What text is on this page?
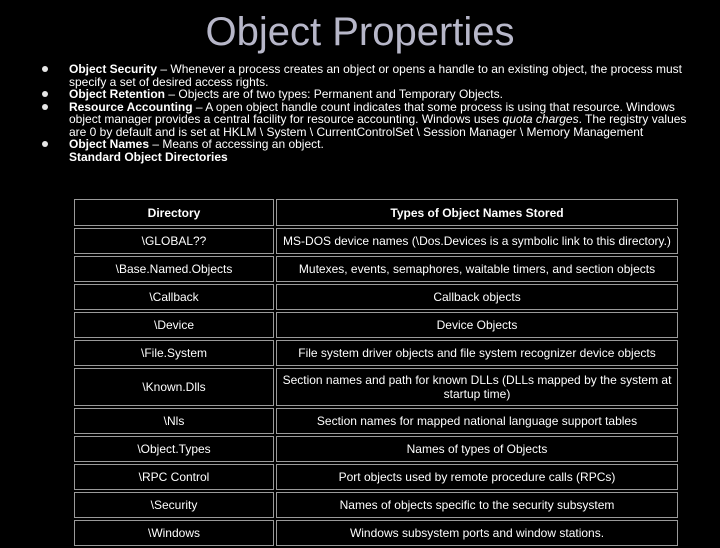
Object Properties
Object Security – Whenever a process creates an object or opens a handle to an existing object, the process must specify a set of desired access rights.
Object Retention – Objects are of two types: Permanent and Temporary Objects.
Resource Accounting – A open object handle count indicates that some process is using that resource. Windows object manager provides a central facility for resource accounting. Windows uses quota charges. The registry values are 0 by default and is set at HKLM \ System \ CurrentControlSet \ Session Manager \ Memory Management
Object Names – Means of accessing an object.
Standard Object Directories
Directory	Types of Object Names Stored
\GLOBAL??	MS-DOS device names (\Dos.Devices is a symbolic link to this directory.)
\Base.Named.Objects	Mutexes, events, semaphores, waitable timers, and section objects
\Callback	Callback objects
\Device	Device Objects
\File.System	File system driver objects and file system recognizer device objects
\Known.Dlls	Section names and path for known DLLs (DLLs mapped by the system at startup time)
\Nls	Section names for mapped national language support tables
\Object.Types	Names of types of Objects
\RPC Control	Port objects used by remote procedure calls (RPCs)
\Security	Names of objects specific to the security subsystem
\Windows	Windows subsystem ports and window stations.
